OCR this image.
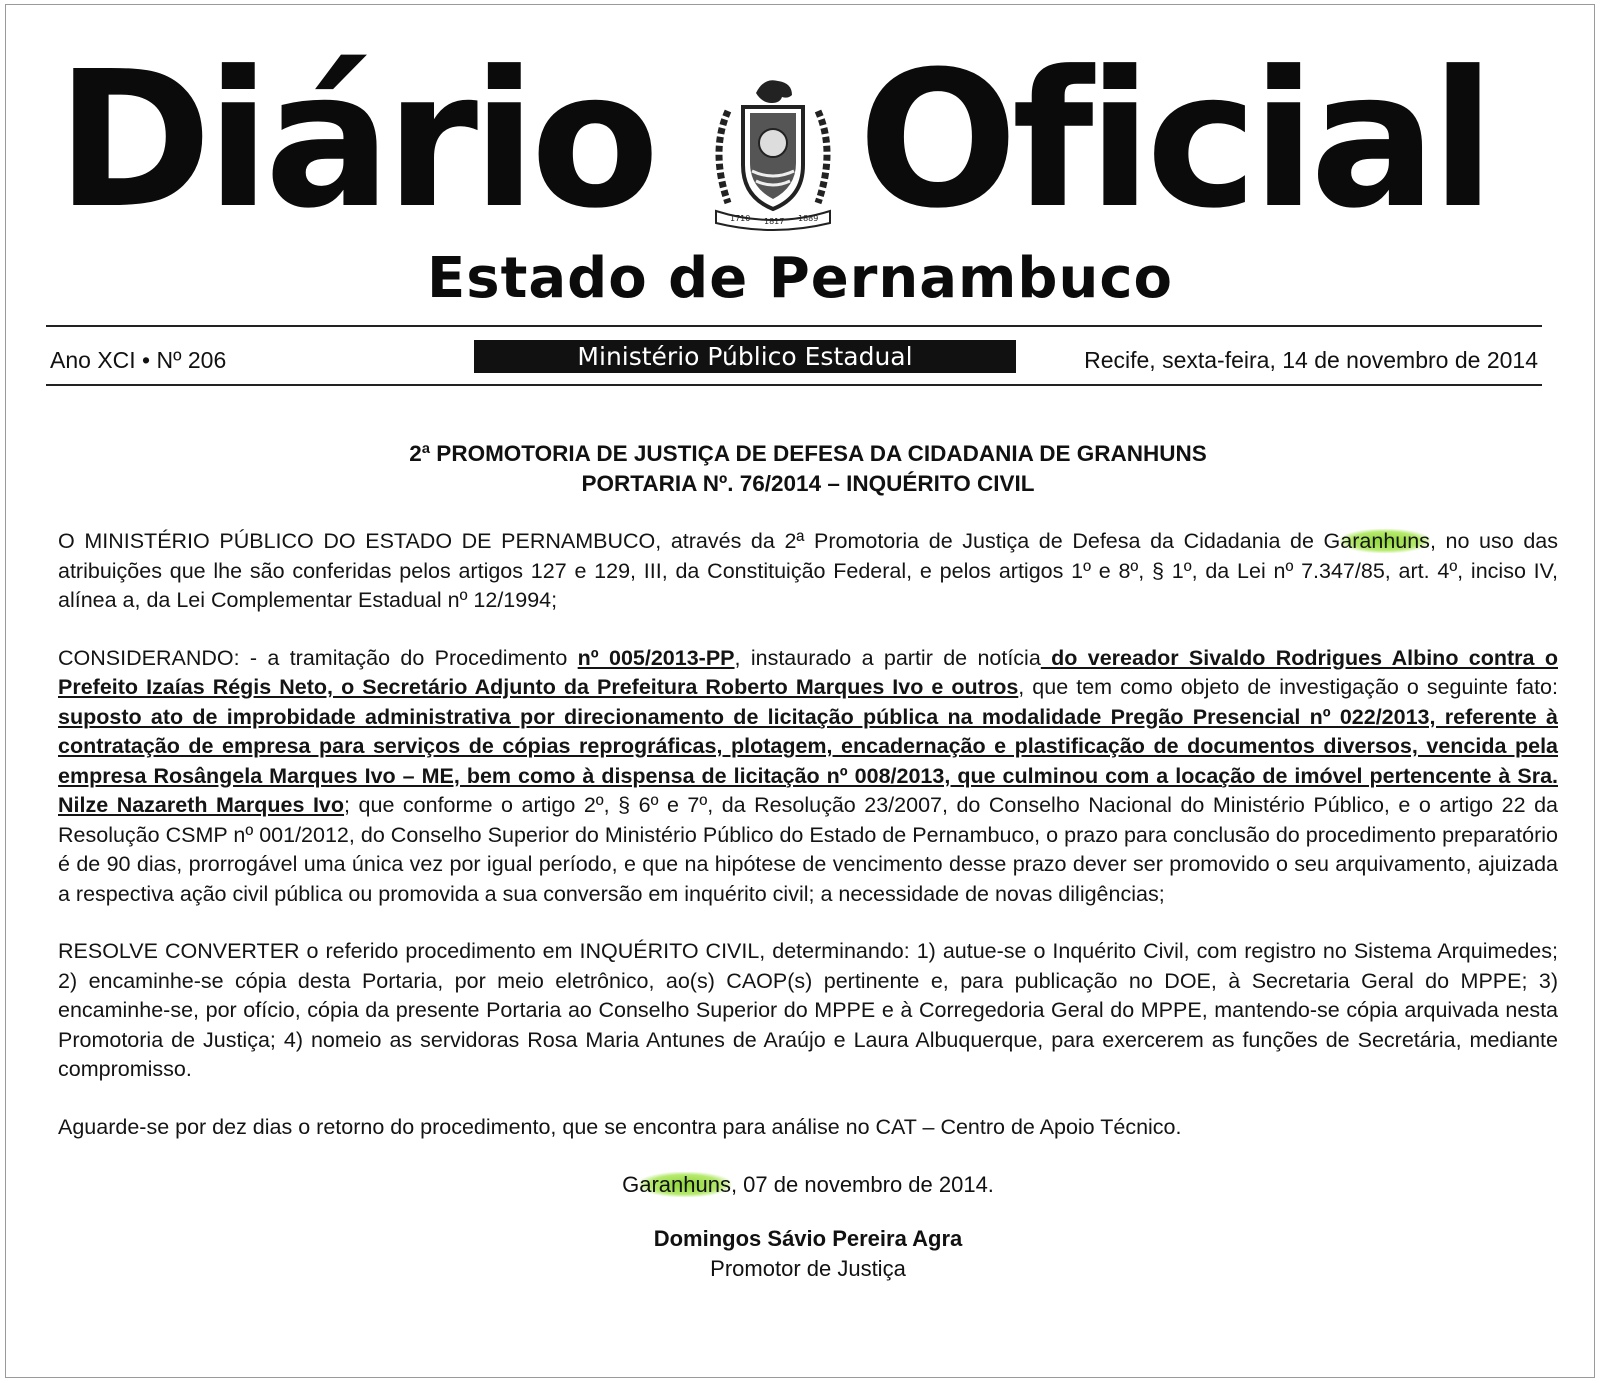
Diário	1710 1817 1889 Oficial
Estado de Pernambuco
Ano XCI • Nº 206	Ministério Público Estadual	Recife, sexta-feira, 14 de novembro de 2014
2ª PROMOTORIA DE JUSTIÇA DE DEFESA DA CIDADANIA DE GRANHUNS
PORTARIA Nº. 76/2014 – INQUÉRITO CIVIL

O MINISTÉRIO PÚBLICO DO ESTADO DE PERNAMBUCO, através da 2ª Promotoria de Justiça de Defesa da Cidadania de Garanhuns, no uso das atribuições que lhe são conferidas pelos artigos 127 e 129, III, da Constituição Federal, e pelos artigos 1º e 8º, § 1º, da Lei nº 7.347/85, art. 4º, inciso IV, alínea a, da Lei Complementar Estadual nº 12/1994;

CONSIDERANDO: - a tramitação do Procedimento nº 005/2013-PP, instaurado a partir de notícia do vereador Sivaldo Rodrigues Albino contra o Prefeito Izaías Régis Neto, o Secretário Adjunto da Prefeitura Roberto Marques Ivo e outros, que tem como objeto de investigação o seguinte fato: suposto ato de improbidade administrativa por direcionamento de licitação pública na modalidade Pregão Presencial nº 022/2013, referente à contratação de empresa para serviços de cópias reprográficas, plotagem, encadernação e plastificação de documentos diversos, vencida pela empresa Rosângela Marques Ivo – ME, bem como à dispensa de licitação nº 008/2013, que culminou com a locação de imóvel pertencente à Sra. Nilze Nazareth Marques Ivo; que conforme o artigo 2º, § 6º e 7º, da Resolução 23/2007, do Conselho Nacional do Ministério Público, e o artigo 22 da Resolução CSMP nº 001/2012, do Conselho Superior do Ministério Público do Estado de Pernambuco, o prazo para conclusão do procedimento preparatório é de 90 dias, prorrogável uma única vez por igual período, e que na hipótese de vencimento desse prazo dever ser promovido o seu arquivamento, ajuizada a respectiva ação civil pública ou promovida a sua conversão em inquérito civil; a necessidade de novas diligências;

RESOLVE CONVERTER o referido procedimento em INQUÉRITO CIVIL, determinando: 1) autue-se o Inquérito Civil, com registro no Sistema Arquimedes; 2) encaminhe-se cópia desta Portaria, por meio eletrônico, ao(s) CAOP(s) pertinente e, para publicação no DOE, à Secretaria Geral do MPPE; 3) encaminhe-se, por ofício, cópia da presente Portaria ao Conselho Superior do MPPE e à Corregedoria Geral do MPPE, mantendo-se cópia arquivada nesta Promotoria de Justiça; 4) nomeio as servidoras Rosa Maria Antunes de Araújo e Laura Albuquerque, para exercerem as funções de Secretária, mediante compromisso.

Aguarde-se por dez dias o retorno do procedimento, que se encontra para análise no CAT – Centro de Apoio Técnico.

Garanhuns, 07 de novembro de 2014.
Domingos Sávio Pereira Agra
Promotor de Justiça
